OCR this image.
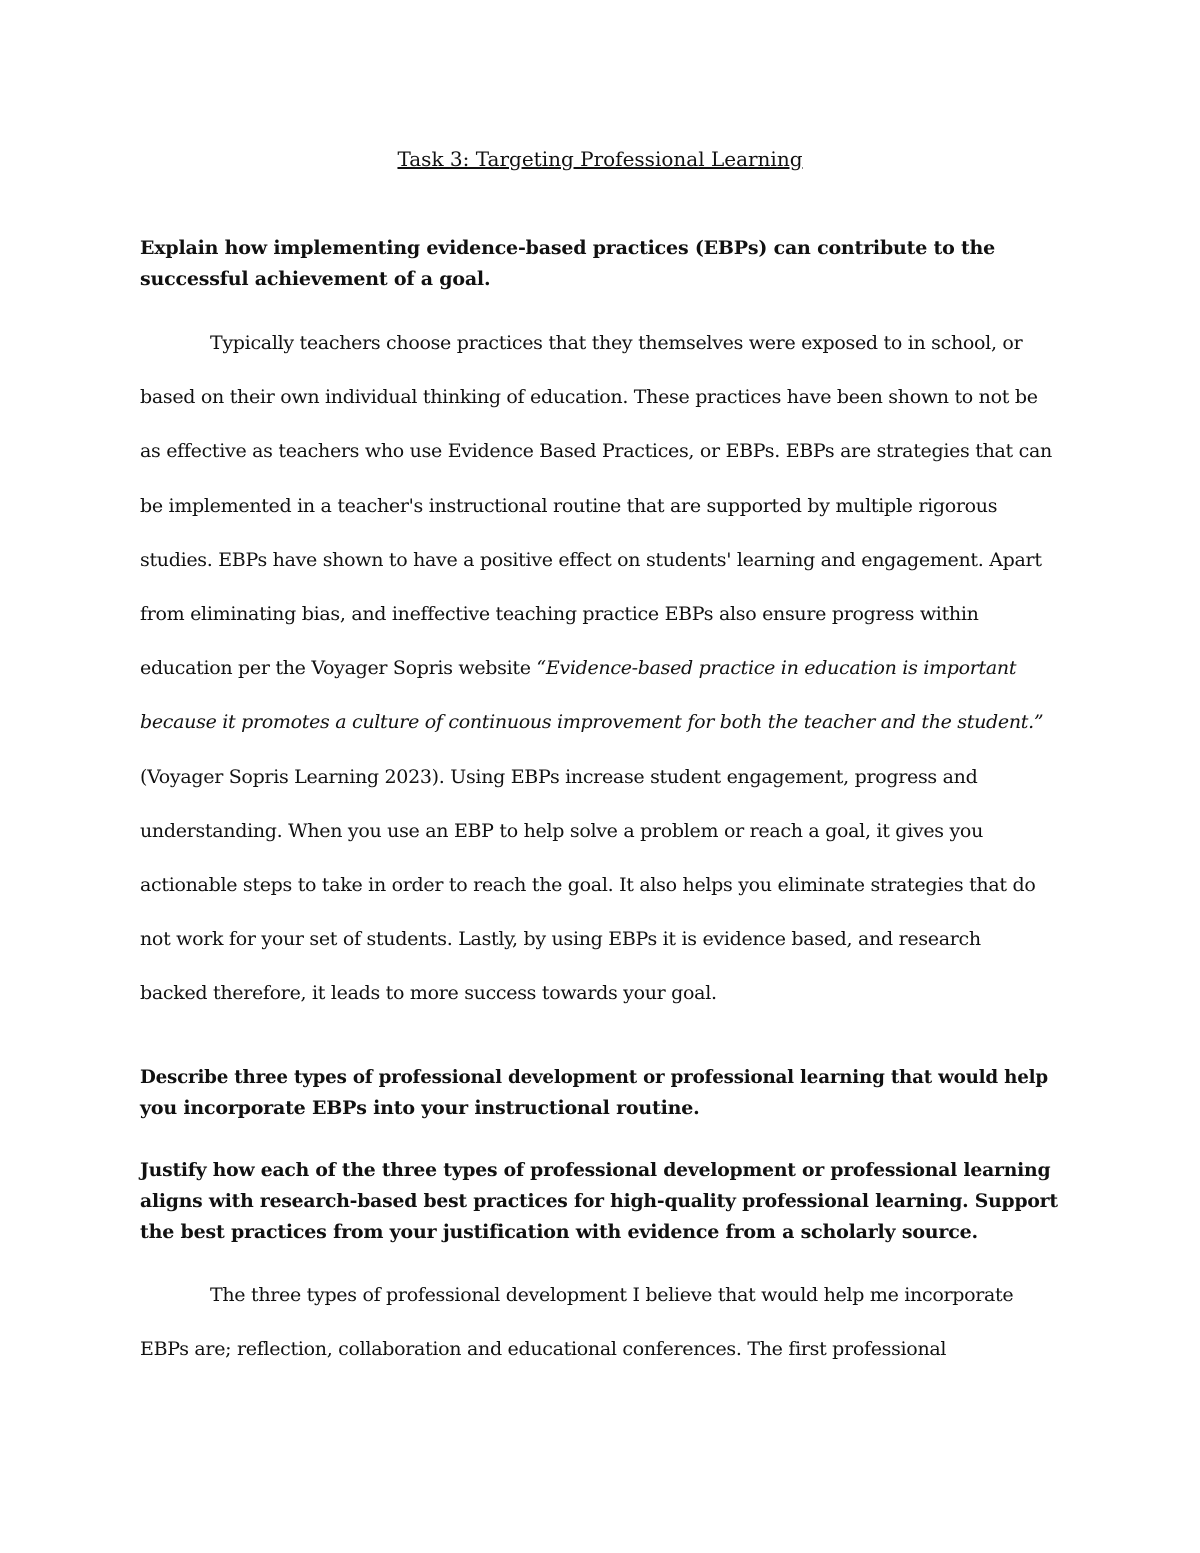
Task 3: Targeting Professional Learning

Explain how implementing evidence-based practices (EBPs) can contribute to the
successful achievement of a goal.

Typically teachers choose practices that they themselves were exposed to in school, or
based on their own individual thinking of education. These practices have been shown to not be
as effective as teachers who use Evidence Based Practices, or EBPs. EBPs are strategies that can
be implemented in a teacher's instructional routine that are supported by multiple rigorous
studies. EBPs have shown to have a positive effect on students' learning and engagement. Apart
from eliminating bias, and ineffective teaching practice EBPs also ensure progress within
education per the Voyager Sopris website “Evidence-based practice in education is important
because it promotes a culture of continuous improvement for both the teacher and the student.”
(Voyager Sopris Learning 2023). Using EBPs increase student engagement, progress and
understanding. When you use an EBP to help solve a problem or reach a goal, it gives you
actionable steps to take in order to reach the goal. It also helps you eliminate strategies that do
not work for your set of students. Lastly, by using EBPs it is evidence based, and research
backed therefore, it leads to more success towards your goal.

Describe three types of professional development or professional learning that would help
you incorporate EBPs into your instructional routine.

Justify how each of the three types of professional development or professional learning
aligns with research-based best practices for high-quality professional learning. Support
the best practices from your justification with evidence from a scholarly source.

The three types of professional development I believe that would help me incorporate
EBPs are; reflection, collaboration and educational conferences. The first professional
